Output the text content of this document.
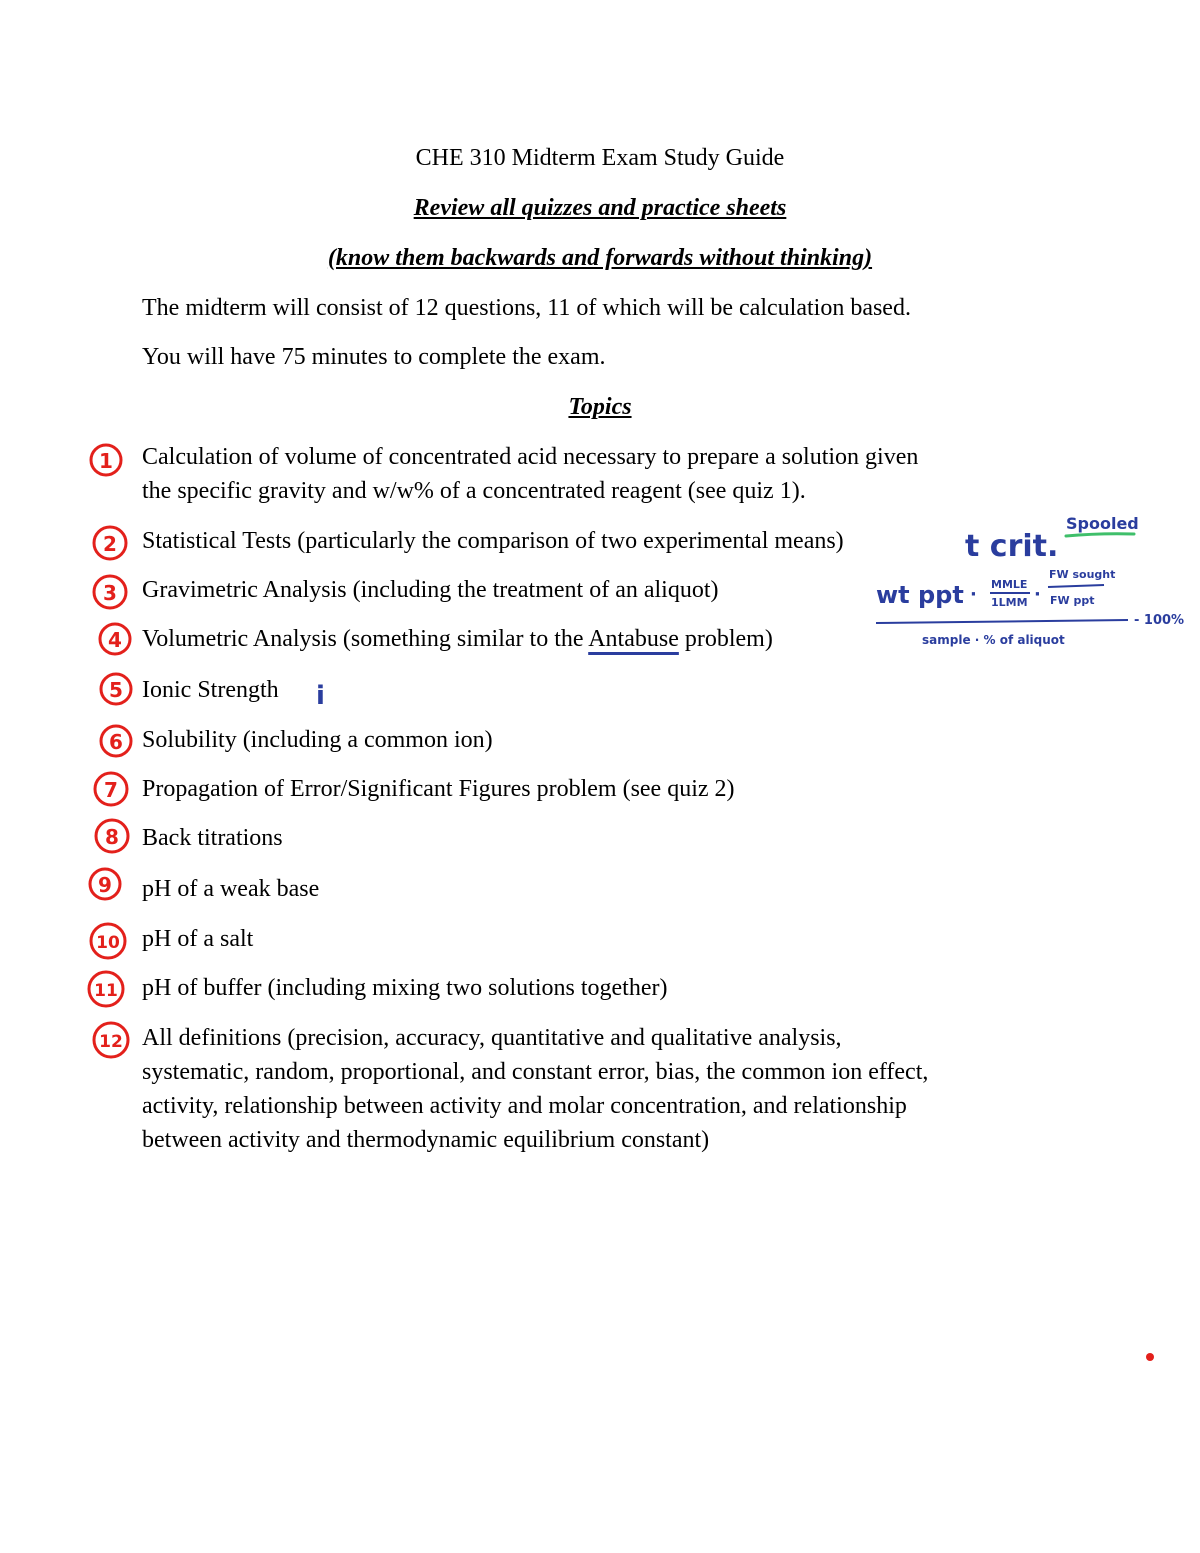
CHE 310 Midterm Exam Study Guide
Review all quizzes and practice sheets
(know them backwards and forwards without thinking)
The midterm will consist of 12 questions, 11 of which will be calculation based.
You will have 75 minutes to complete the exam.
Topics
Calculation of volume of concentrated acid necessary to prepare a solution given
the specific gravity and w/w% of a concentrated reagent (see quiz 1).
Statistical Tests (particularly the comparison of two experimental means)
Gravimetric Analysis (including the treatment of an aliquot)
Volumetric Analysis (something similar to the Antabuse problem)
Ionic Strength
Solubility (including a common ion)
Propagation of Error/Significant Figures problem (see quiz 2)
Back titrations
pH of a weak base
pH of a salt
pH of buffer (including mixing two solutions together)
All definitions (precision, accuracy, quantitative and qualitative analysis,
systematic, random, proportional, and constant error, bias, the common ion effect,
activity, relationship between activity and molar concentration, and relationship
between activity and thermodynamic equilibrium constant)
1
2
3
4
5
6
7
8
9
10
11
12
t crit.
Spooled
wt ppt · MMLE
1LMM ·
FW sought
FW ppt
- 100%
sample · % of aliquot
i
